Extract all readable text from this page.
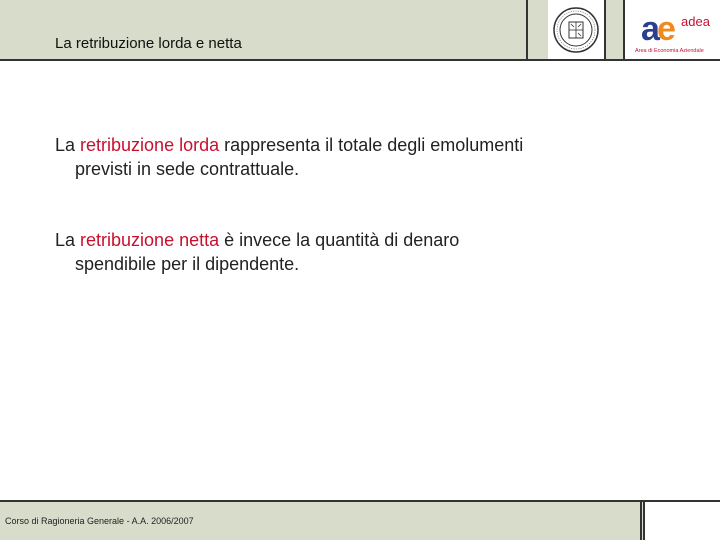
La retribuzione lorda e netta	a
e adea
Area di Economia Aziendale
La retribuzione lorda rappresenta il totale degli emolumenti
previsti in sede contrattuale.
La retribuzione netta è invece la quantità di denaro
spendibile per il dipendente.
Corso di Ragioneria Generale - A.A. 2006/2007
